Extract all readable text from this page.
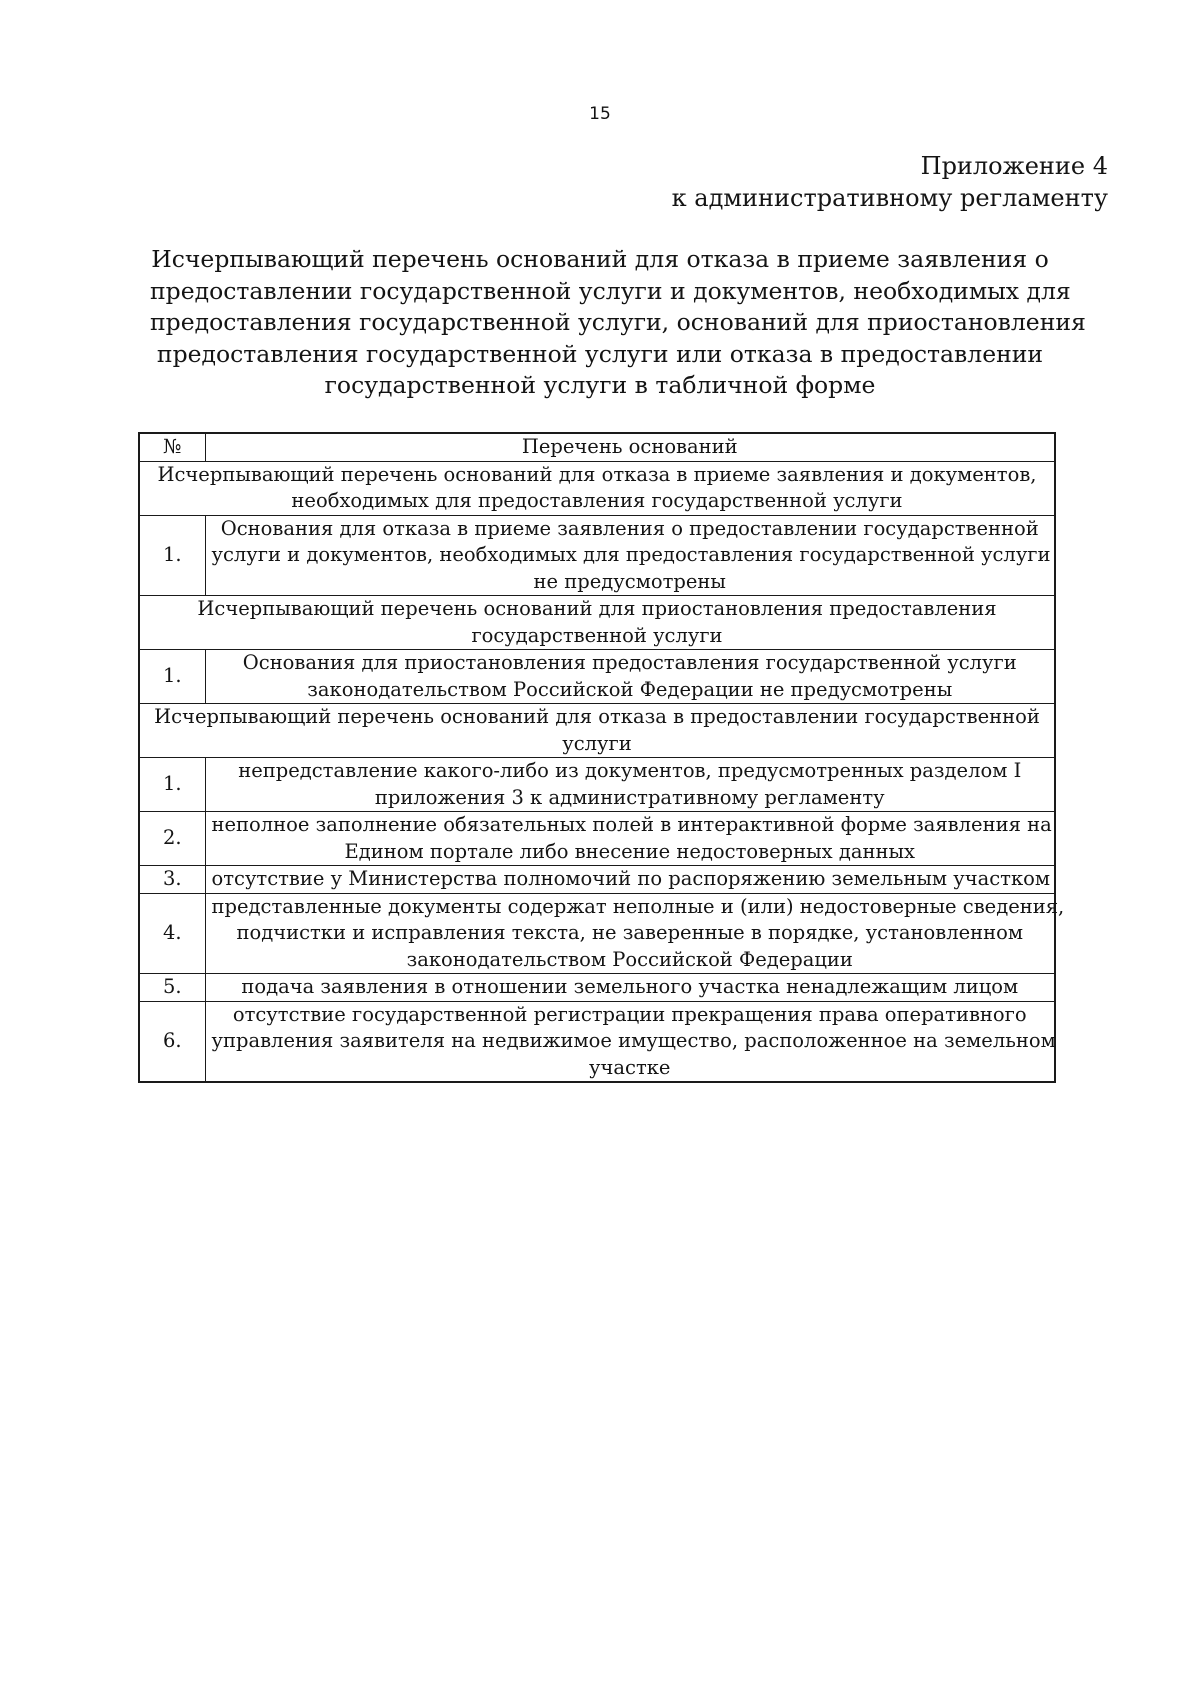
15
Приложение 4
к административному регламенту
Исчерпывающий перечень оснований для отказа в приеме заявления о
предоставлении государственной услуги и документов, необходимых для
предоставления государственной услуги, оснований для приостановления
предоставления государственной услуги или отказа в предоставлении
государственной услуги в табличной форме
№	Перечень оснований

Исчерпывающий перечень оснований для отказа в приеме заявления и документов,
необходимых для предоставления государственной услуги	

1.	Основания для отказа в приеме заявления о предоставлении государственной
услуги и документов, необходимых для предоставления государственной услуги
не предусмотрены

Исчерпывающий перечень оснований для приостановления предоставления
государственной услуги	

1.	Основания для приостановления предоставления государственной услуги
законодательством Российской Федерации не предусмотрены

Исчерпывающий перечень оснований для отказа в предоставлении государственной
услуги	

1.	непредставление какого-либо из документов, предусмотренных разделом I
приложения 3 к административному регламенту

2.	неполное заполнение обязательных полей в интерактивной форме заявления на
Едином портале либо внесение недостоверных данных

3.	отсутствие у Министерства полномочий по распоряжению земельным участком

4.	представленные документы содержат неполные и (или) недостоверные сведения,
подчистки и исправления текста, не заверенные в порядке, установленном
законодательством Российской Федерации

5.	подача заявления в отношении земельного участка ненадлежащим лицом

6.	отсутствие государственной регистрации прекращения права оперативного
управления заявителя на недвижимое имущество, расположенное на земельном
участке
